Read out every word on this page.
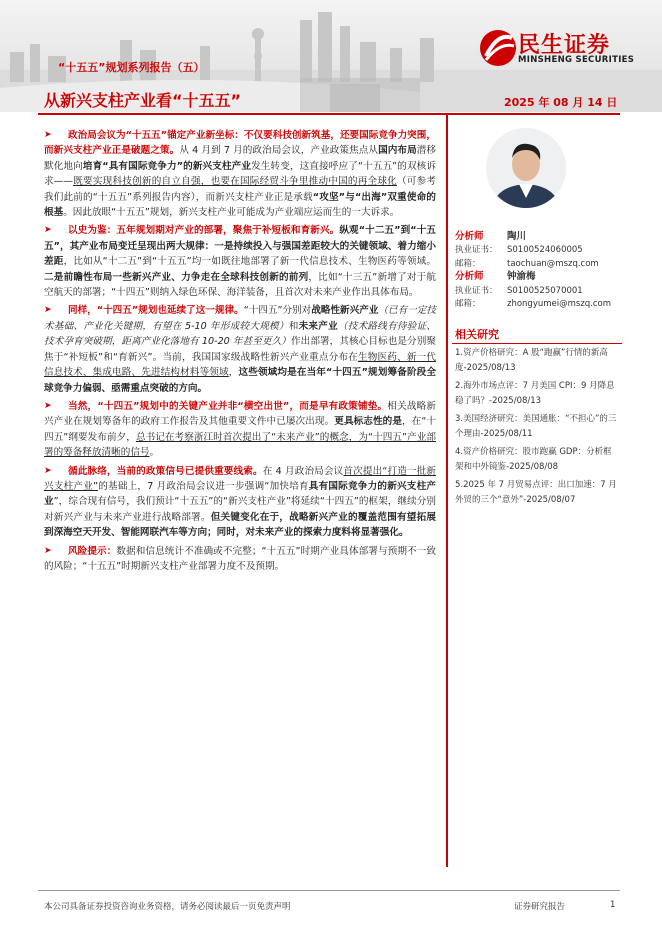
民生证券
MINSHENG SECURITIES
“十五五”规划系列报告（五）
从新兴支柱产业看“十五五”	2025 年 08 月 14 日

➤ 政治局会议为“十五五”锚定产业新坐标：不仅要科技创新筑基，还要国际竞争力突围，而新兴支柱产业正是破题之策。从 4 月到 7 月的政治局会议，产业政策焦点从国内布局潜移默化地向培育“具有国际竞争力”的新兴支柱产业发生转变，这直接呼应了“十五五”的双核诉求——既要实现科技创新的自立自强，也要在国际经贸斗争里推动中国的再全球化（可参考我们此前的“十五五”系列报告内容），而新兴支柱产业正是承载“攻坚”与“出海”双重使命的根基。因此放眼“十五五”规划，新兴支柱产业可能成为产业端应运而生的一大诉求。

➤ 以史为鉴：五年规划期对产业的部署，聚焦于补短板和育新兴。纵观“十二五”到“十五五”，其产业布局变迁呈现出两大规律：一是持续投入与强国差距较大的关键领域、着力缩小差距，比如从“十二五”到“十五五”均一如既往地部署了新一代信息技术、生物医药等领域。二是前瞻性布局一些新兴产业、力争走在全球科技创新的前列，比如“十三五”新增了对于航空航天的部署；“十四五”则纳入绿色环保、海洋装备，且首次对未来产业作出具体布局。

➤ 同样，“十四五”规划也延续了这一规律。“十四五”分别对战略性新兴产业（已有一定技术基础、产业化关键期，有望在 5-10 年形成较大规模）和未来产业（技术路线有待验证、技术孕育突破期，距离产业化落地有 10-20 年甚至更久）作出部署，其核心目标也是分别聚焦于“补短板”和“育新兴”。当前，我国国家级战略性新兴产业重点分布在生物医药、新一代信息技术、集成电路、先进结构材料等领域，这些领域均是在当年“十四五”规划筹备阶段全球竞争力偏弱、亟需重点突破的方向。

➤ 当然，“十四五”规划中的关键产业并非“横空出世”，而是早有政策铺垫。相关战略新兴产业在规划筹备年的政府工作报告及其他重要文件中已屡次出现。更具标志性的是，在“十四五”纲要发布前夕，总书记在考察浙江时首次提出了“未来产业”的概念，为“十四五”产业部署的筹备释放清晰的信号。

➤ 循此脉络，当前的政策信号已提供重要线索。在 4 月政治局会议首次提出“打造一批新兴支柱产业”的基础上，7 月政治局会议进一步强调“加快培育具有国际竞争力的新兴支柱产业”，综合现有信号，我们预计“十五五”的“新兴支柱产业”将延续“十四五”的框架，继续分别对新兴产业与未来产业进行战略部署。但关键变化在于，战略新兴产业的覆盖范围有望拓展到深海空天开发、智能网联汽车等方向；同时，对未来产业的探索力度料将显著强化。

➤ 风险提示：数据和信息统计不准确或不完整；“十五五”时期产业具体部署与预期不一致的风险；“十五五”时期新兴支柱产业部署力度不及预期。

分析师 陶川
执业证书： S0100524060005
邮箱：	taochuan@mszq.com
分析师 钟渝梅
执业证书： S0100525070001
邮箱：	zhongyumei@mszq.com
相关研究
1.资产价格研究：A 股“跑赢”行情的新高度-2025/08/13
2.海外市场点评：7 月美国 CPI：9 月降息稳了吗？-2025/08/13
3.美国经济研究：美国通胀：“不担心”的三个理由-2025/08/11
4.资产价格研究：股市跑赢 GDP：分析框架和中外镜鉴-2025/08/08
5.2025 年 7 月贸易点评：出口加速：7 月外贸的三个“意外”-2025/08/07
本公司具备证券投资咨询业务资格，请务必阅读最后一页免责声明	证券研究报告	1
